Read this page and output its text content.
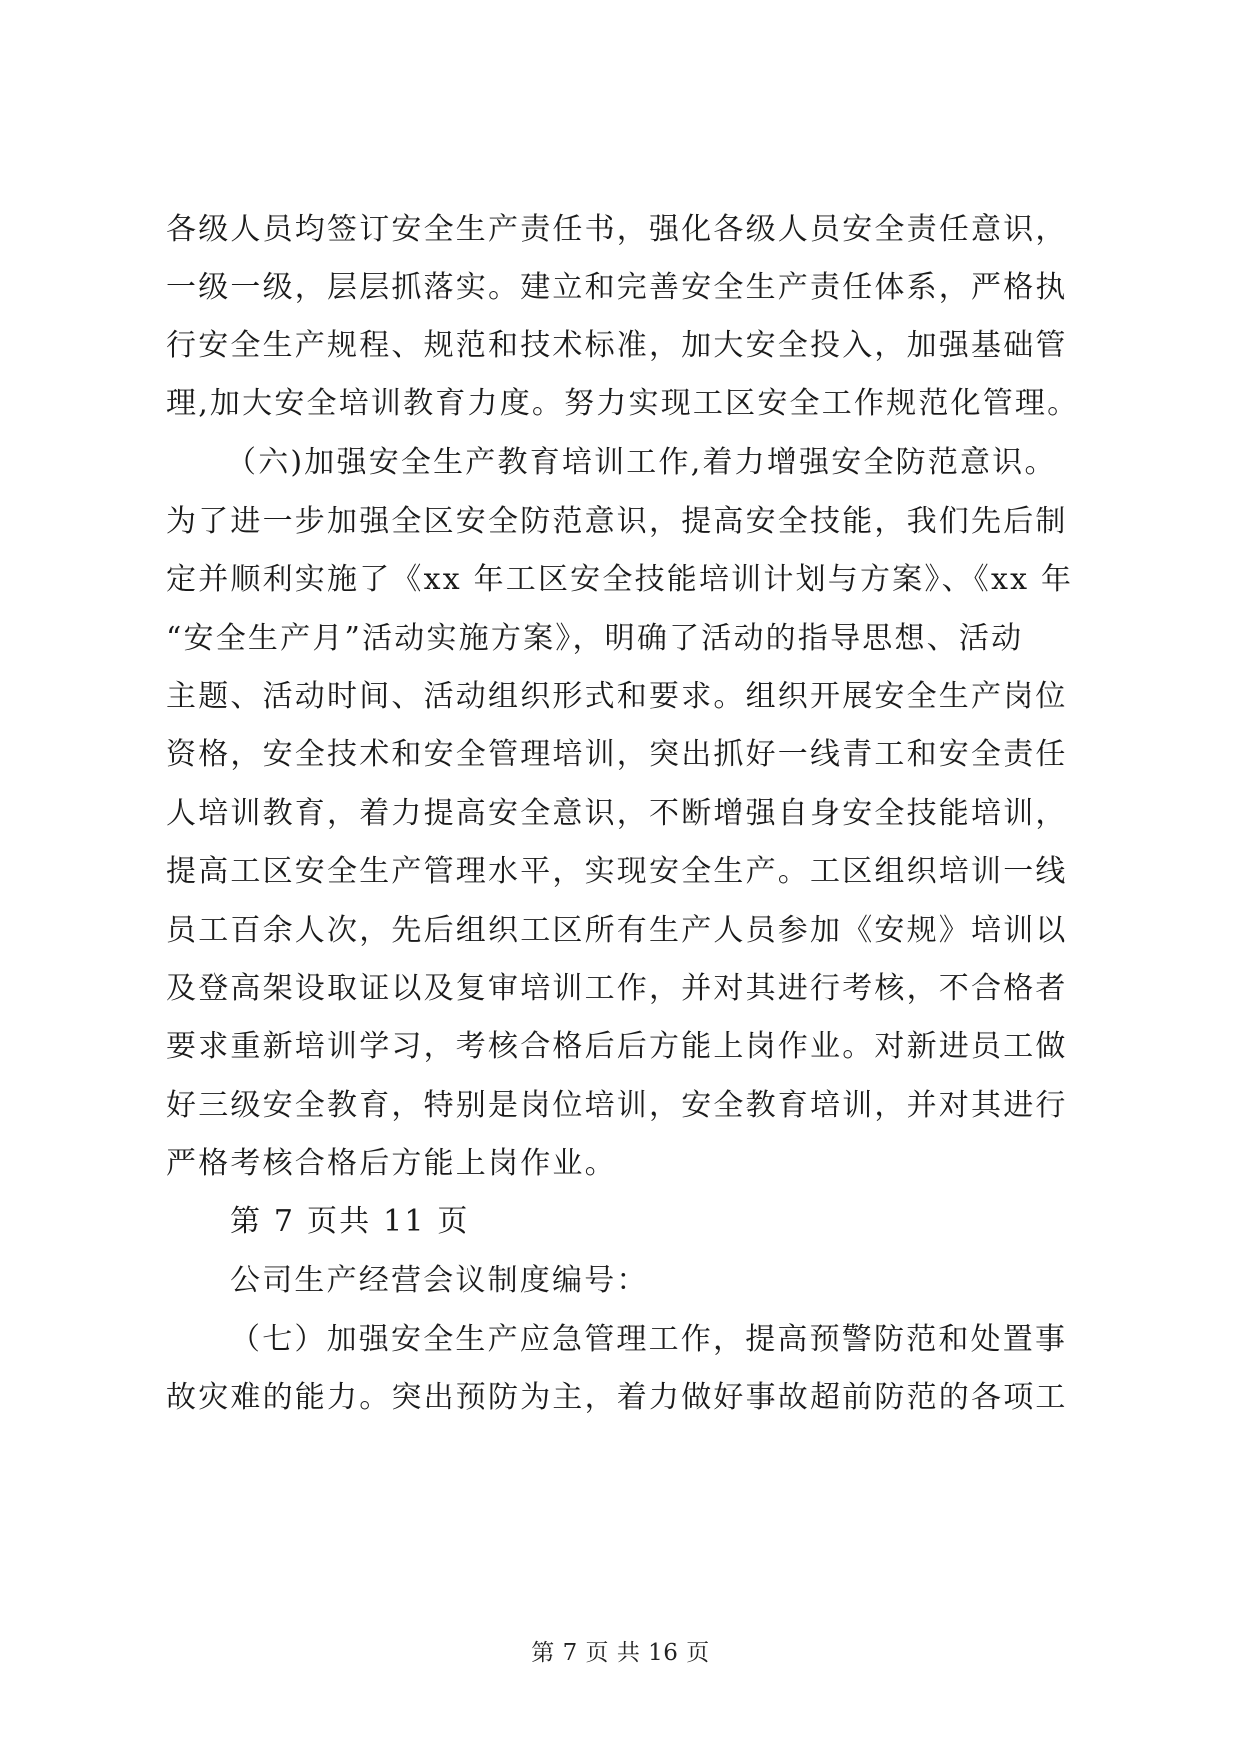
各级人员均签订安全生产责任书，强化各级人员安全责任意识，
一级一级，层层抓落实。建立和完善安全生产责任体系，严格执
行安全生产规程、规范和技术标准，加大安全投入，加强基础管
理,加大安全培训教育力度。努力实现工区安全工作规范化管理。
（六)加强安全生产教育培训工作,着力增强安全防范意识。
为了进一步加强全区安全防范意识，提高安全技能，我们先后制
定并顺利实施了《xx 年工区安全技能培训计划与方案》、《xx 年
“安全生产月”活动实施方案》，明确了活动的指导思想、活动
主题、活动时间、活动组织形式和要求。组织开展安全生产岗位
资格，安全技术和安全管理培训，突出抓好一线青工和安全责任
人培训教育，着力提高安全意识，不断增强自身安全技能培训，
提高工区安全生产管理水平，实现安全生产。工区组织培训一线
员工百余人次，先后组织工区所有生产人员参加《安规》培训以
及登高架设取证以及复审培训工作，并对其进行考核，不合格者
要求重新培训学习，考核合格后后方能上岗作业。对新进员工做
好三级安全教育，特别是岗位培训，安全教育培训，并对其进行
严格考核合格后方能上岗作业。
第 7 页共 11 页
公司生产经营会议制度编号：
（七）加强安全生产应急管理工作，提高预警防范和处置事
故灾难的能力。突出预防为主，着力做好事故超前防范的各项工
第 7 页 共 16 页
